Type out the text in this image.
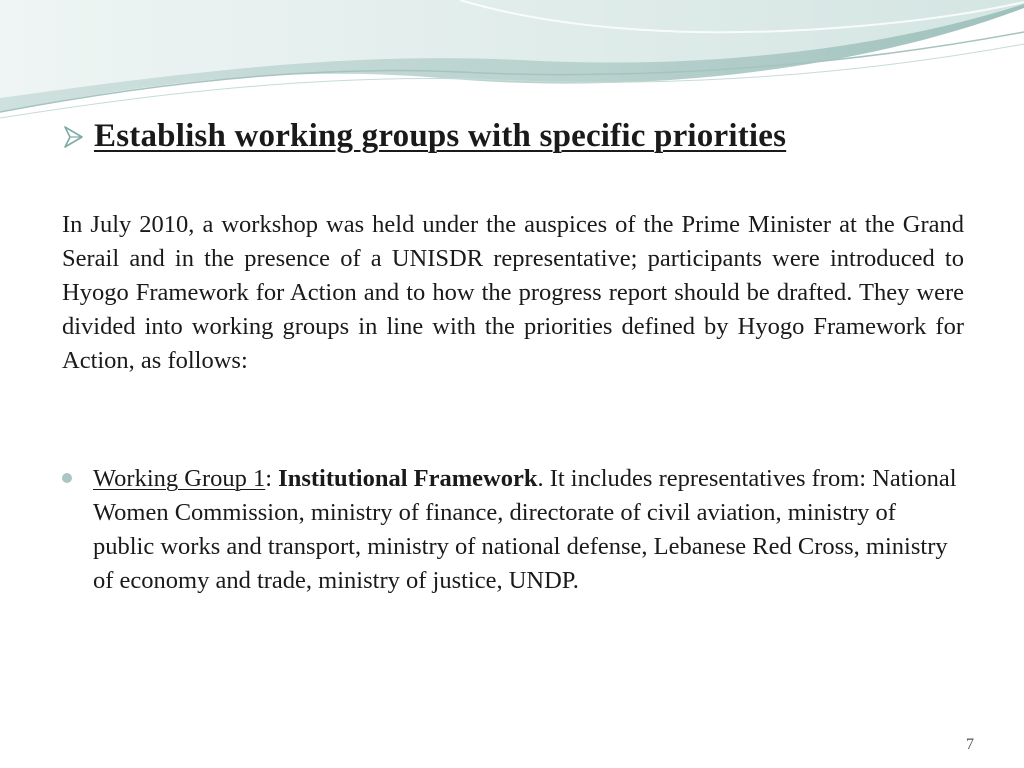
Establish working groups with specific priorities

In July 2010, a workshop was held under the auspices of the Prime Minister at the Grand Serail and in the presence of a UNISDR representative; participants were introduced to Hyogo Framework for Action and to how the progress report should be drafted. They were divided into working groups in line with the priorities defined by Hyogo Framework for Action, as follows:

Working Group 1: Institutional Framework. It includes representatives from: National Women Commission, ministry of finance, directorate of civil aviation, ministry of public works and transport, ministry of national defense, Lebanese Red Cross, ministry of economy and trade, ministry of justice, UNDP.

7
